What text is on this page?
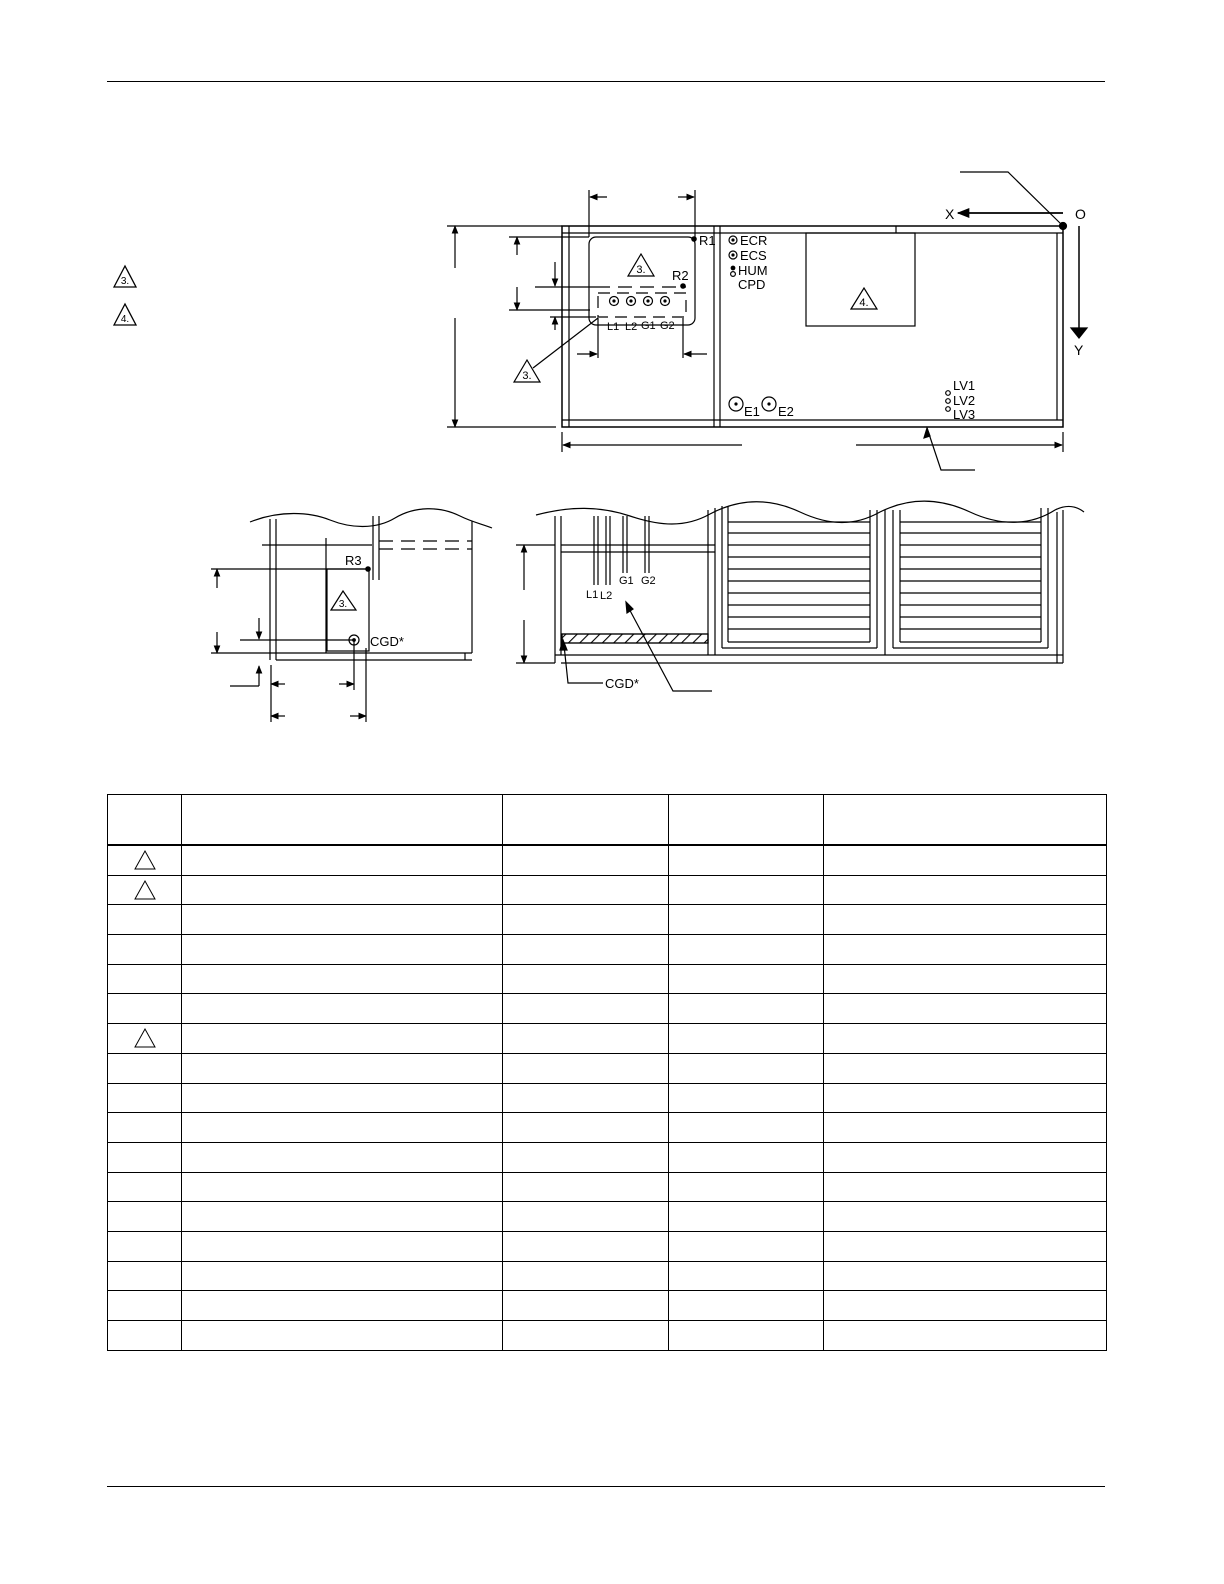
3.
4.
3.
R1
R2
L1 L2 G1 G2
ECR
ECS
HUM
CPD
4.
E1 E2
LV1
LV2
LV3
X	O
Y
3.
3.
R3
CGD*
L1 L2
G1 G2
CGD*
